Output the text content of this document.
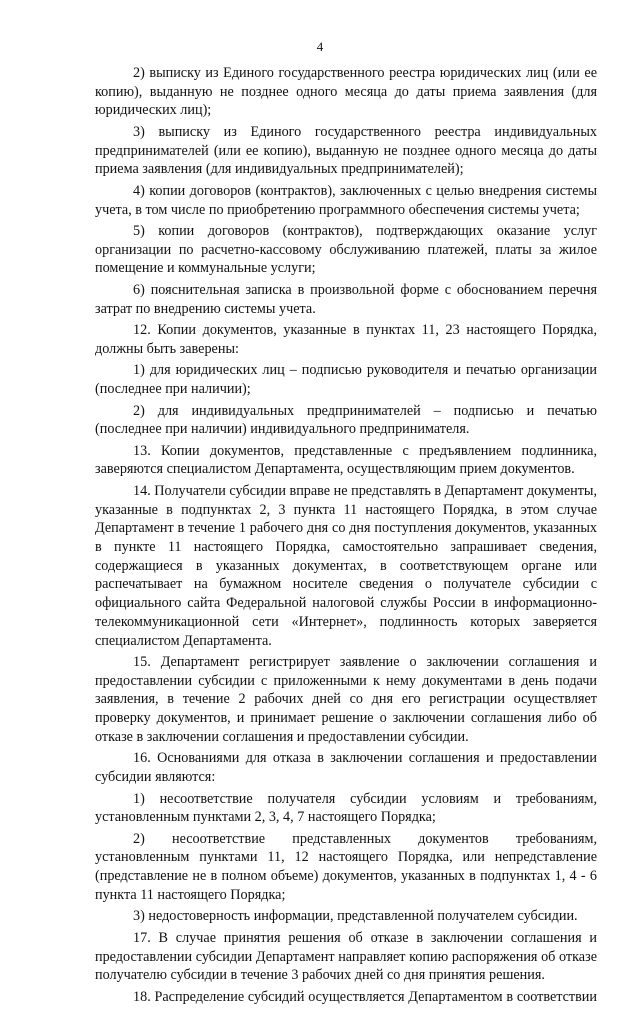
4

2) выписку из Единого государственного реестра юридических лиц (или ее копию), выданную не позднее одного месяца до даты приема заявления (для юридических лиц);

3) выписку из Единого государственного реестра индивидуальных предпринимателей (или ее копию), выданную не позднее одного месяца до даты приема заявления (для индивидуальных предпринимателей);

4) копии договоров (контрактов), заключенных с целью внедрения системы учета, в том числе по приобретению программного обеспечения системы учета;

5) копии договоров (контрактов), подтверждающих оказание услуг организации по расчетно-кассовому обслуживанию платежей, платы за жилое помещение и коммунальные услуги;

6) пояснительная записка в произвольной форме с обоснованием перечня затрат по внедрению системы учета.

12. Копии документов, указанные в пунктах 11, 23 настоящего Порядка, должны быть заверены:

1) для юридических лиц – подписью руководителя и печатью организации (последнее при наличии);

2) для индивидуальных предпринимателей – подписью и печатью (последнее при наличии) индивидуального предпринимателя.

13. Копии документов, представленные с предъявлением подлинника, заверяются специалистом Департамента, осуществляющим прием документов.

14. Получатели субсидии вправе не представлять в Департамент документы, указанные в подпунктах 2, 3 пункта 11 настоящего Порядка, в этом случае Департамент в течение 1 рабочего дня со дня поступления документов, указанных в пункте 11 настоящего Порядка, самостоятельно запрашивает сведения, содержащиеся в указанных документах, в соответствующем органе или распечатывает на бумажном носителе сведения о получателе субсидии с официального сайта Федеральной налоговой службы России в информационно-телекоммуникационной сети «Интернет», подлинность которых заверяется специалистом Департамента.

15. Департамент регистрирует заявление о заключении соглашения и предоставлении субсидии с приложенными к нему документами в день подачи заявления, в течение 2 рабочих дней со дня его регистрации осуществляет проверку документов, и принимает решение о заключении соглашения либо об отказе в заключении соглашения и предоставлении субсидии.

16. Основаниями для отказа в заключении соглашения и предоставлении субсидии являются:

1) несоответствие получателя субсидии условиям и требованиям, установленным пунктами 2, 3, 4, 7 настоящего Порядка;

2) несоответствие представленных документов требованиям, установленным пунктами 11, 12 настоящего Порядка, или непредставление (представление не в полном объеме) документов, указанных в подпунктах 1, 4 - 6 пункта 11 настоящего Порядка;

3) недостоверность информации, представленной получателем субсидии.

17. В случае принятия решения об отказе в заключении соглашения и предоставлении субсидии Департамент направляет копию распоряжения об отказе получателю субсидии в течение 3 рабочих дней со дня принятия решения.

18. Распределение субсидий осуществляется Департаментом в соответствии
